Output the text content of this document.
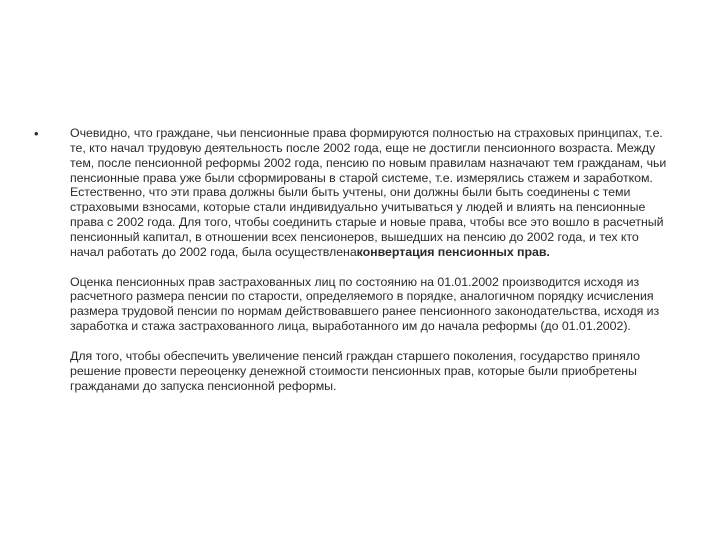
•	Очевидно, что граждане, чьи пенсионные права формируются полностью на страховых принципах, т.е. те, кто начал трудовую деятельность после 2002 года, еще не достигли пенсионного возраста. Между тем, после пенсионной реформы 2002 года, пенсию по новым правилам назначают тем гражданам, чьи пенсионные права уже были сформированы в старой системе, т.е. измерялись стажем и заработком. Естественно, что эти права должны были быть учтены, они должны были быть соединены с теми страховыми взносами, которые стали индивидуально учитываться у людей и влиять на пенсионные права с 2002 года. Для того, чтобы соединить старые и новые права, чтобы все это вошло в расчетный пенсионный капитал, в отношении всех пенсионеров, вышедших на пенсию до 2002 года, и тех кто начал работать до 2002 года, была осуществленаконвертация пенсионных прав.
Оценка пенсионных прав застрахованных лиц по состоянию на 01.01.2002 производится исходя из расчетного размера пенсии по старости, определяемого в порядке, аналогичном порядку исчисления размера трудовой пенсии по нормам действовавшего ранее пенсионного законодательства, исходя из заработка и стажа застрахованного лица, выработанного им до начала реформы (до 01.01.2002).
Для того, чтобы обеспечить увеличение пенсий граждан старшего поколения, государство приняло решение провести переоценку денежной стоимости пенсионных прав, которые были приобретены гражданами до запуска пенсионной реформы.
